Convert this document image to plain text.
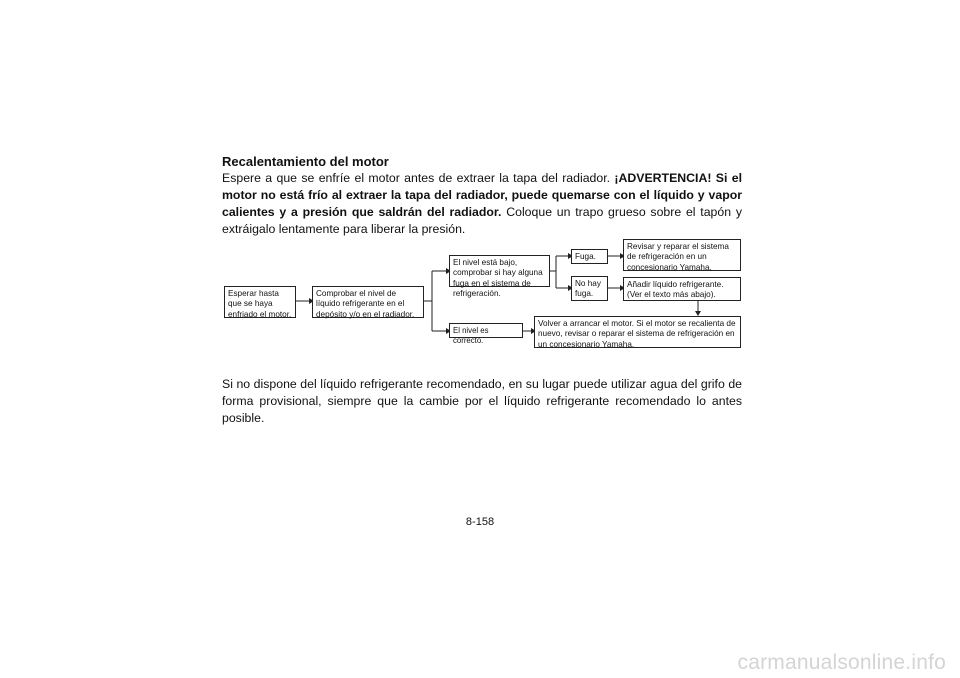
Recalentamiento del motor
Espere a que se enfríe el motor antes de extraer la tapa del radiador. ¡ADVERTENCIA! Si el motor no está frío al extraer la tapa del radiador, puede quemarse con el líquido y vapor calientes y a presión que saldrán del radiador. Coloque un trapo grueso sobre el tapón y extráigalo lentamente para liberar la presión.
Esperar hasta que se haya enfriado el motor.
Comprobar el nivel de líquido refrigerante en el depósito y/o en el radiador.
El nivel está bajo, comprobar si hay alguna fuga en el sistema de refrigeración.
El nivel es correcto.
Fuga.
No hay fuga.
Revisar y reparar el sistema de refrigeración en un concesionario Yamaha.
Añadir líquido refrigerante. (Ver el texto más abajo).
Volver a arrancar el motor. Si el motor se recalienta de nuevo, revisar o reparar el sistema de refrigeración en un concesionario Yamaha.
Si no dispone del líquido refrigerante recomendado, en su lugar puede utilizar agua del grifo de forma provisional, siempre que la cambie por el líquido refrigerante recomendado lo antes posible.
8-158
carmanualsonline.info
